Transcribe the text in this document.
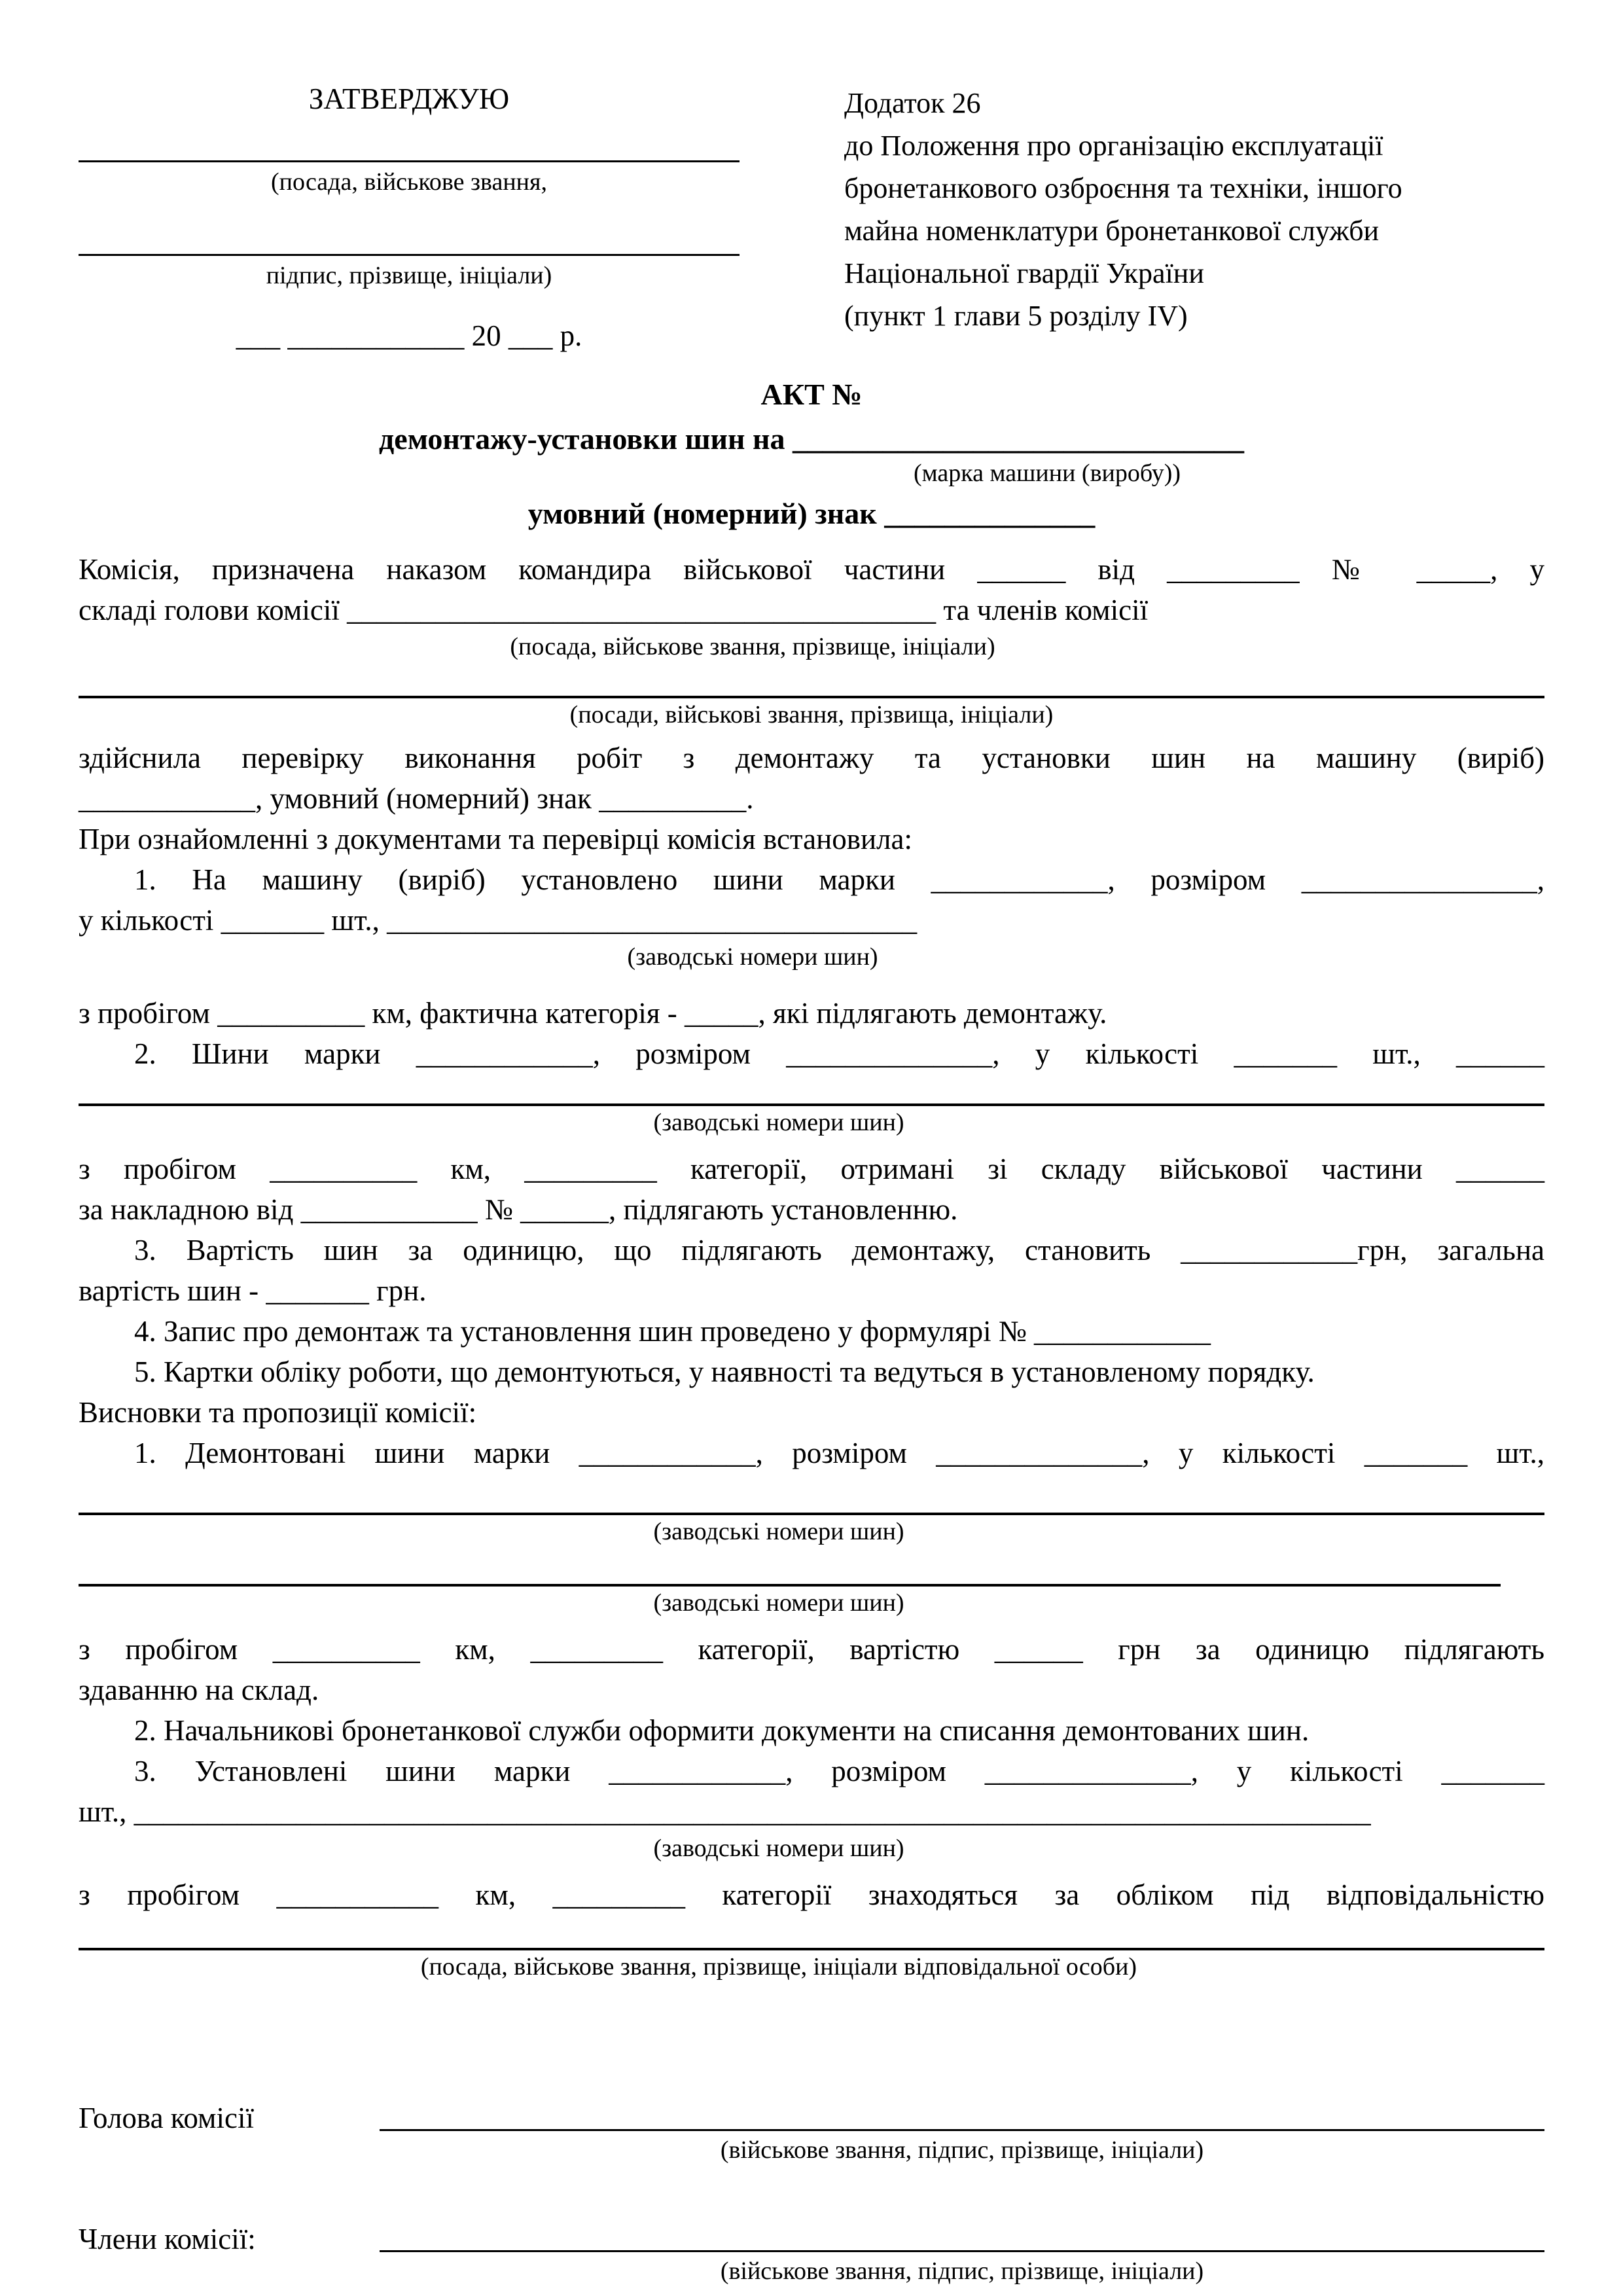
ЗАТВЕРДЖУЮ
(посада, військове звання,
підпис, прізвище, ініціали)
___ ____________ 20 ___ р.
Додаток 26
до Положення про організацію експлуатації
бронетанкового озброєння та техніки, іншого
майна номенклатури бронетанкової служби
Національної гвардії України
(пункт 1 глави 5 розділу IV)
АКТ №
демонтажу-установки шин на ______________________________
(марка машини (виробу))
умовний (номерний) знак ______________
Комісія, призначена наказом командира військової частини ______ від _________ № _____, у
складі голови комісії ________________________________________ та членів комісії
(посада, військове звання, прізвище, ініціали)
(посади, військові звання, прізвища, ініціали)
здійснила перевірку виконання робіт з демонтажу та установки шин на машину (виріб)
____________, умовний (номерний) знак __________.
При ознайомленні з документами та перевірці комісія встановила:
1. На машину (виріб) установлено шини марки ____________, розміром ________________,
у кількості _______ шт., ____________________________________
(заводські номери шин)
з пробігом __________ км, фактична категорія - _____, які підлягають демонтажу.
2. Шини марки ____________, розміром ______________, у кількості _______ шт., ______
(заводські номери шин)
з пробігом __________ км, _________ категорії, отримані зі складу військової частини ______
за накладною від ____________ № ______, підлягають установленню.
3. Вартість шин за одиницю, що підлягають демонтажу, становить ____________грн, загальна
вартість шин - _______ грн.
4. Запис про демонтаж та установлення шин проведено у формулярі № ____________
5. Картки обліку роботи, що демонтуються, у наявності та ведуться в установленому порядку.
Висновки та пропозиції комісії:
1. Демонтовані шини марки ____________, розміром ______________, у кількості _______ шт.,
(заводські номери шин)
(заводські номери шин)
з пробігом __________ км, _________ категорії, вартістю ______ грн за одиницю підлягають
здаванню на склад.
2. Начальникові бронетанкової служби оформити документи на списання демонтованих шин.
3. Установлені шини марки ____________, розміром ______________, у кількості _______
шт., ____________________________________________________________________________________
(заводські номери шин)
з пробігом ___________ км, _________ категорії знаходяться за обліком під відповідальністю
(посада, військове звання, прізвище, ініціали відповідальної особи)
Голова комісії
(військове звання, підпис, прізвище, ініціали)
Члени комісії:
(військове звання, підпис, прізвище, ініціали)
